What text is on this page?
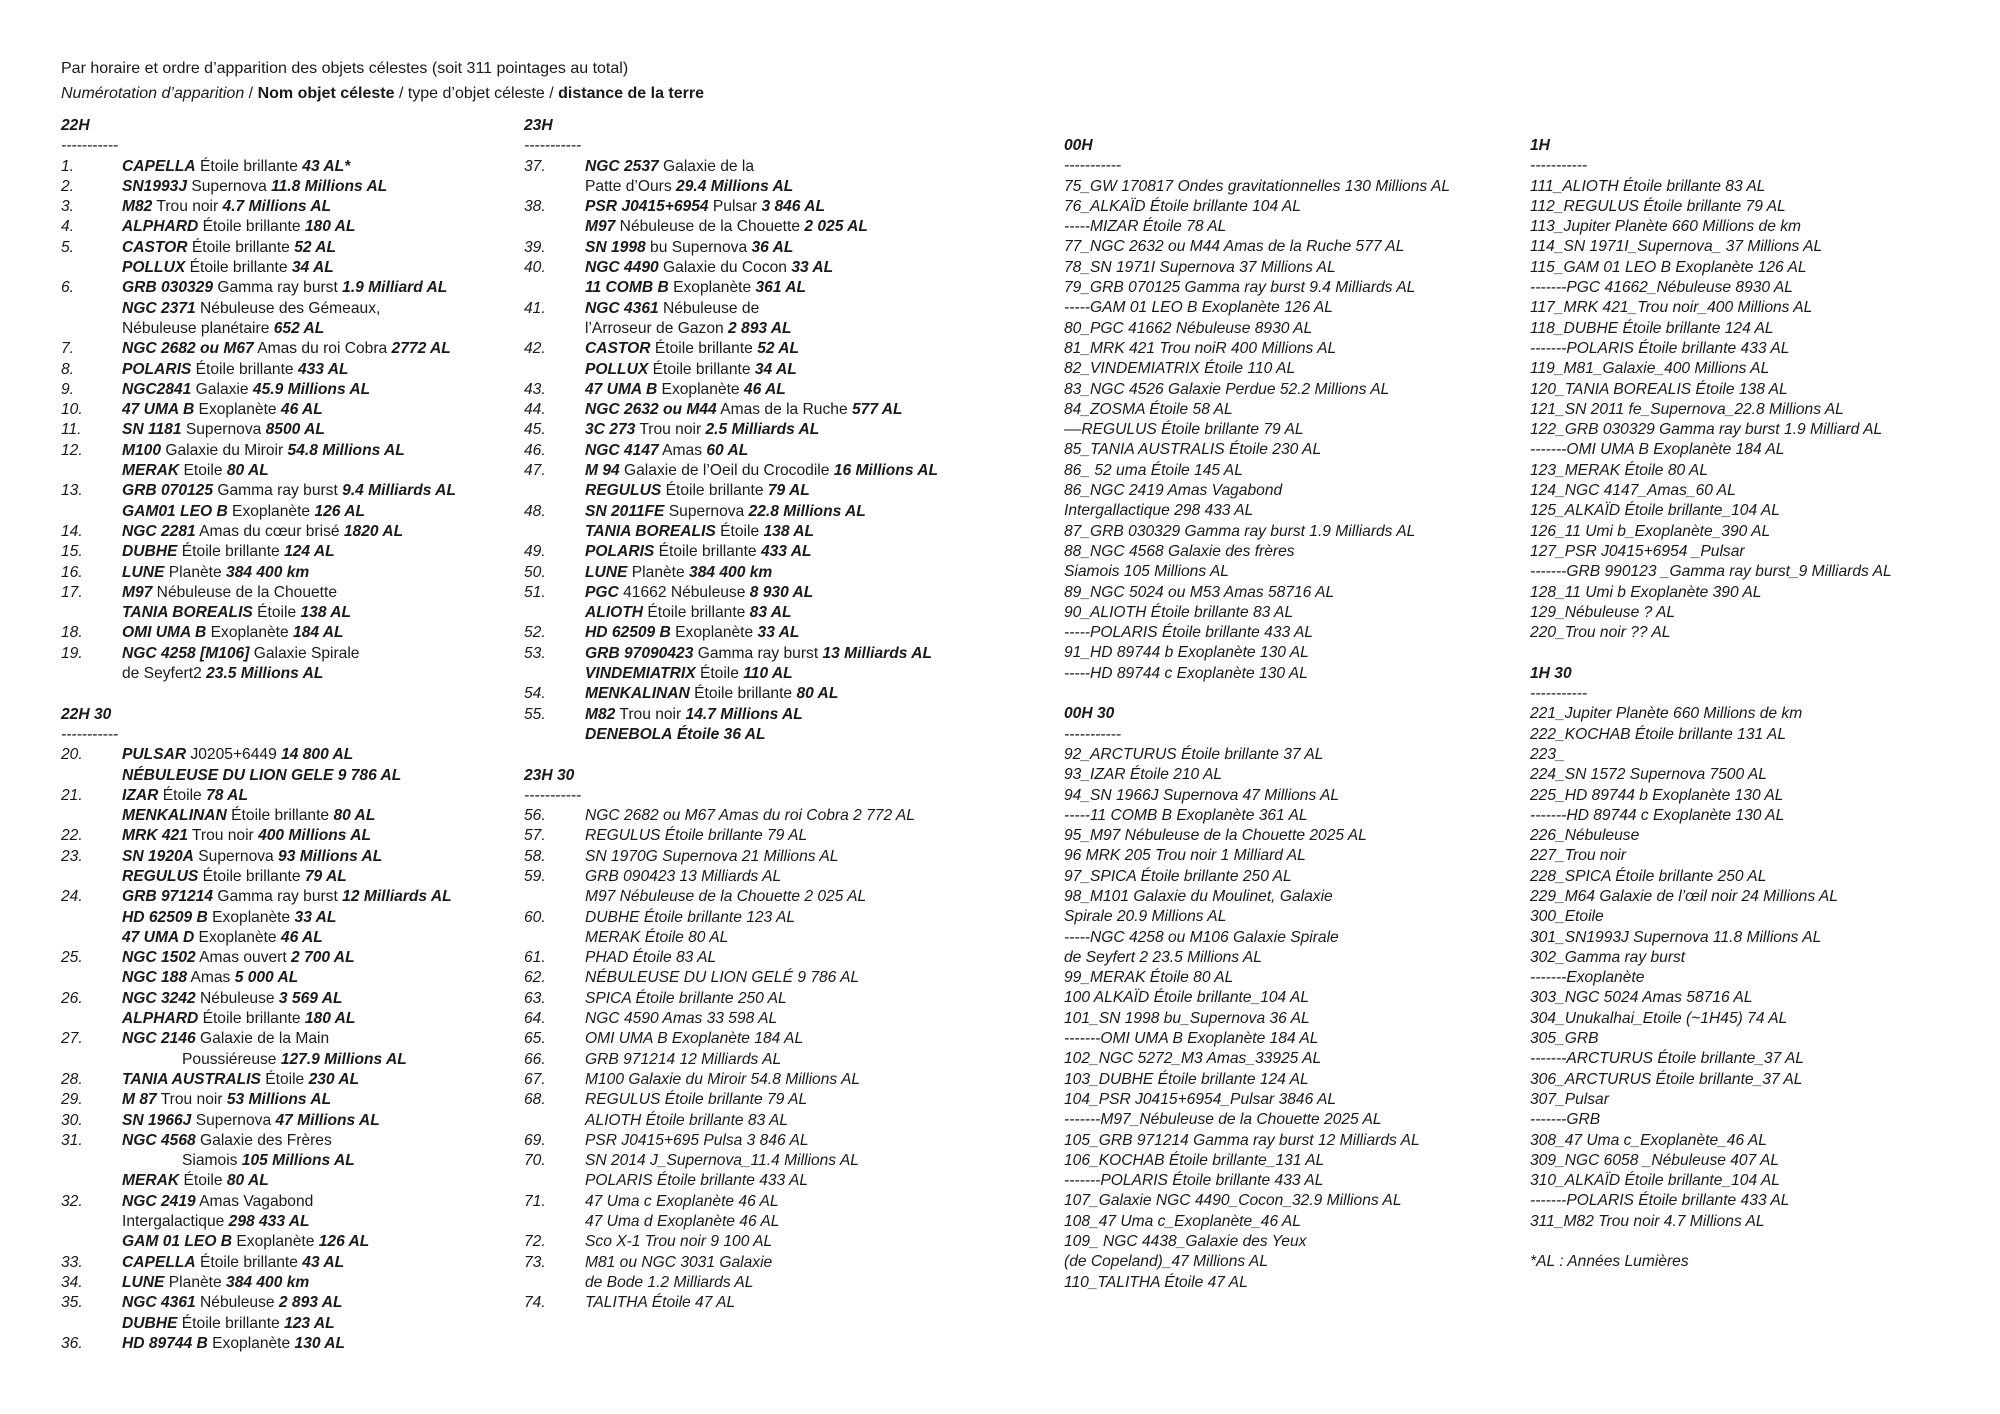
Par horaire et ordre d’apparition des objets célestes (soit 311 pointages au total)
Numérotation d’apparition / Nom objet céleste / type d’objet céleste / distance de la terre
22H
-----------
1.	CAPELLA Étoile brillante 43 AL*
2.	SN1993J Supernova 11.8 Millions AL
3.	M82 Trou noir 4.7 Millions AL
4.	ALPHARD Étoile brillante 180 AL
5.	CASTOR Étoile brillante 52 AL
POLLUX Étoile brillante 34 AL
6.	GRB 030329 Gamma ray burst 1.9 Milliard AL
NGC 2371 Nébuleuse des Gémeaux,
Nébuleuse planétaire 652 AL
7.	NGC 2682 ou M67 Amas du roi Cobra 2772 AL
8.	POLARIS Étoile brillante 433 AL
9.	NGC2841 Galaxie 45.9 Millions AL
10.	47 UMA B Exoplanète 46 AL
11.	SN 1181 Supernova 8500 AL
12.	M100 Galaxie du Miroir 54.8 Millions AL
MERAK Etoile 80 AL
13.	GRB 070125 Gamma ray burst 9.4 Milliards AL
GAM01 LEO B Exoplanète 126 AL
14.	NGC 2281 Amas du cœur brisé 1820 AL
15.	DUBHE Étoile brillante 124 AL
16.	LUNE Planète 384 400 km
17.	M97 Nébuleuse de la Chouette
TANIA BOREALIS Étoile 138 AL
18.	OMI UMA B Exoplanète 184 AL
19.	NGC 4258 [M106] Galaxie Spirale
de Seyfert2 23.5 Millions AL
22H 30
-----------
20.	PULSAR J0205+6449 14 800 AL
NÉBULEUSE DU LION GELE 9 786 AL
21.	IZAR Étoile 78 AL
MENKALINAN Étoile brillante 80 AL
22.	MRK 421 Trou noir 400 Millions AL
23.	SN 1920A Supernova 93 Millions AL
REGULUS Étoile brillante 79 AL
24.	GRB 971214 Gamma ray burst 12 Milliards AL
HD 62509 B Exoplanète 33 AL
47 UMA D Exoplanète 46 AL
25.	NGC 1502 Amas ouvert 2 700 AL
NGC 188 Amas 5 000 AL
26.	NGC 3242 Nébuleuse 3 569 AL
ALPHARD Étoile brillante 180 AL
27.	NGC 2146 Galaxie de la Main
Poussiéreuse 127.9 Millions AL
28.	TANIA AUSTRALIS Étoile 230 AL
29.	M 87 Trou noir 53 Millions AL
30.	SN 1966J Supernova 47 Millions AL
31.	NGC 4568 Galaxie des Frères
Siamois 105 Millions AL
MERAK Étoile 80 AL
32.	NGC 2419 Amas Vagabond
Intergalactique 298 433 AL
GAM 01 LEO B Exoplanète 126 AL
33.	CAPELLA Étoile brillante 43 AL
34.	LUNE Planète 384 400 km
35.	NGC 4361 Nébuleuse 2 893 AL
DUBHE Étoile brillante 123 AL
36.	HD 89744 B Exoplanète 130 AL
23H
-----------
37.	NGC 2537 Galaxie de la
Patte d’Ours 29.4 Millions AL
38.	PSR J0415+6954 Pulsar 3 846 AL
M97 Nébuleuse de la Chouette 2 025 AL
39.	SN 1998 bu Supernova 36 AL
40.	NGC 4490 Galaxie du Cocon 33 AL
11 COMB B Exoplanète 361 AL
41.	NGC 4361 Nébuleuse de
l’Arroseur de Gazon 2 893 AL
42.	CASTOR Étoile brillante 52 AL
POLLUX Étoile brillante 34 AL
43.	47 UMA B Exoplanète 46 AL
44.	NGC 2632 ou M44 Amas de la Ruche 577 AL
45.	3C 273 Trou noir 2.5 Milliards AL
46.	NGC 4147 Amas 60 AL
47.	M 94 Galaxie de l’Oeil du Crocodile 16 Millions AL
REGULUS Étoile brillante 79 AL
48.	SN 2011FE Supernova 22.8 Millions AL
TANIA BOREALIS Étoile 138 AL
49.	POLARIS Étoile brillante 433 AL
50.	LUNE Planète 384 400 km
51.	PGC 41662 Nébuleuse 8 930 AL
ALIOTH Étoile brillante 83 AL
52.	HD 62509 B Exoplanète 33 AL
53.	GRB 97090423 Gamma ray burst 13 Milliards AL
VINDEMIATRIX Étoile 110 AL
54.	MENKALINAN Étoile brillante 80 AL
55.	M82 Trou noir 14.7 Millions AL
DENEBOLA Étoile 36 AL
23H 30
-----------
56.	NGC 2682 ou M67 Amas du roi Cobra 2 772 AL
57.	REGULUS Étoile brillante 79 AL
58.	SN 1970G Supernova 21 Millions AL
59.	GRB 090423 13 Milliards AL
M97 Nébuleuse de la Chouette 2 025 AL
60.	DUBHE Étoile brillante 123 AL
MERAK Étoile 80 AL
61.	PHAD Étoile 83 AL
62.	NÉBULEUSE DU LION GELÉ 9 786 AL
63.	SPICA Étoile brillante 250 AL
64.	NGC 4590 Amas 33 598 AL
65.	OMI UMA B Exoplanète 184 AL
66.	GRB 971214 12 Milliards AL
67.	M100 Galaxie du Miroir 54.8 Millions AL
68.	REGULUS Étoile brillante 79 AL
ALIOTH Étoile brillante 83 AL
69.	PSR J0415+695 Pulsa 3 846 AL
70.	SN 2014 J_Supernova_11.4 Millions AL
POLARIS Étoile brillante 433 AL
71.	47 Uma c Exoplanète 46 AL
47 Uma d Exoplanète 46 AL
72.	Sco X-1 Trou noir 9 100 AL
73.	M81 ou NGC 3031 Galaxie
de Bode 1.2 Milliards AL
74.	TALITHA Étoile 47 AL
00H
-----------
75_GW 170817 Ondes gravitationnelles 130 Millions AL
76_ALKAÏD Étoile brillante 104 AL
-----MIZAR Étoile 78 AL
77_NGC 2632 ou M44 Amas de la Ruche 577 AL
78_SN 1971I Supernova 37 Millions AL
79_GRB 070125 Gamma ray burst 9.4 Milliards AL
-----GAM 01 LEO B Exoplanète 126 AL
80_PGC 41662 Nébuleuse 8930 AL
81_MRK 421 Trou noiR 400 Millions AL
82_VINDEMIATRIX Étoile 110 AL
83_NGC 4526 Galaxie Perdue 52.2 Millions AL
84_ZOSMA Étoile 58 AL
––REGULUS Étoile brillante 79 AL
85_TANIA AUSTRALIS Étoile 230 AL
86_ 52 uma Étoile 145 AL
86_NGC 2419 Amas Vagabond
Intergallactique 298 433 AL
87_GRB 030329 Gamma ray burst 1.9 Milliards AL
88_NGC 4568 Galaxie des frères
Siamois 105 Millions AL
89_NGC 5024 ou M53 Amas 58716 AL
90_ALIOTH Étoile brillante 83 AL
-----POLARIS Étoile brillante 433 AL
91_HD 89744 b Exoplanète 130 AL
-----HD 89744 c Exoplanète 130 AL
00H 30
-----------
92_ARCTURUS Étoile brillante 37 AL
93_IZAR Étoile 210 AL
94_SN 1966J Supernova 47 Millions AL
-----11 COMB B Exoplanète 361 AL
95_M97 Nébuleuse de la Chouette 2025 AL
96 MRK 205 Trou noir 1 Milliard AL
97_SPICA Étoile brillante 250 AL
98_M101 Galaxie du Moulinet, Galaxie
Spirale 20.9 Millions AL
-----NGC 4258 ou M106 Galaxie Spirale
de Seyfert 2 23.5 Millions AL
99_MERAK Étoile 80 AL
100 ALKAÏD Étoile brillante_104 AL
101_SN 1998 bu_Supernova 36 AL
-------OMI UMA B Exoplanète 184 AL
102_NGC 5272_M3 Amas_33925 AL
103_DUBHE Étoile brillante 124 AL
104_PSR J0415+6954_Pulsar 3846 AL
-------M97_Nébuleuse de la Chouette 2025 AL
105_GRB 971214 Gamma ray burst 12 Milliards AL
106_KOCHAB Étoile brillante_131 AL
-------POLARIS Étoile brillante 433 AL
107_Galaxie NGC 4490_Cocon_32.9 Millions AL
108_47 Uma c_Exoplanète_46 AL
109_ NGC 4438_Galaxie des Yeux
(de Copeland)_47 Millions AL
110_TALITHA Étoile 47 AL
1H
-----------
111_ALIOTH Étoile brillante 83 AL
112_REGULUS Étoile brillante 79 AL
113_Jupiter Planète 660 Millions de km
114_SN 1971I_Supernova_ 37 Millions AL
115_GAM 01 LEO B Exoplanète 126 AL
-------PGC 41662_Nébuleuse 8930 AL
117_MRK 421_Trou noir_400 Millions AL
118_DUBHE Étoile brillante 124 AL
-------POLARIS Étoile brillante 433 AL
119_M81_Galaxie_400 Millions AL
120_TANIA BOREALIS Étoile 138 AL
121_SN 2011 fe_Supernova_22.8 Millions AL
122_GRB 030329 Gamma ray burst 1.9 Milliard AL
-------OMI UMA B Exoplanète 184 AL
123_MERAK Étoile 80 AL
124_NGC 4147_Amas_60 AL
125_ALKAÏD Étoile brillante_104 AL
126_11 Umi b_Exoplanète_390 AL
127_PSR J0415+6954 _Pulsar
-------GRB 990123 _Gamma ray burst_9 Milliards AL
128_11 Umi b Exoplanète 390 AL
129_Nébuleuse ? AL
220_Trou noir ?? AL
1H 30
-----------
221_Jupiter Planète 660 Millions de km
222_KOCHAB Étoile brillante 131 AL
223_
224_SN 1572 Supernova 7500 AL
225_HD 89744 b Exoplanète 130 AL
-------HD 89744 c Exoplanète 130 AL
226_Nébuleuse
227_Trou noir
228_SPICA Étoile brillante 250 AL
229_M64 Galaxie de l’œil noir 24 Millions AL
300_Etoile
301_SN1993J Supernova 11.8 Millions AL
302_Gamma ray burst
-------Exoplanète
303_NGC 5024 Amas 58716 AL
304_Unukalhai_Etoile (~1H45) 74 AL
305_GRB
-------ARCTURUS Étoile brillante_37 AL
306_ARCTURUS Étoile brillante_37 AL
307_Pulsar
-------GRB
308_47 Uma c_Exoplanète_46 AL
309_NGC 6058 _Nébuleuse 407 AL
310_ALKAÏD Étoile brillante_104 AL
-------POLARIS Étoile brillante 433 AL
311_M82 Trou noir 4.7 Millions AL
*AL : Années Lumières
